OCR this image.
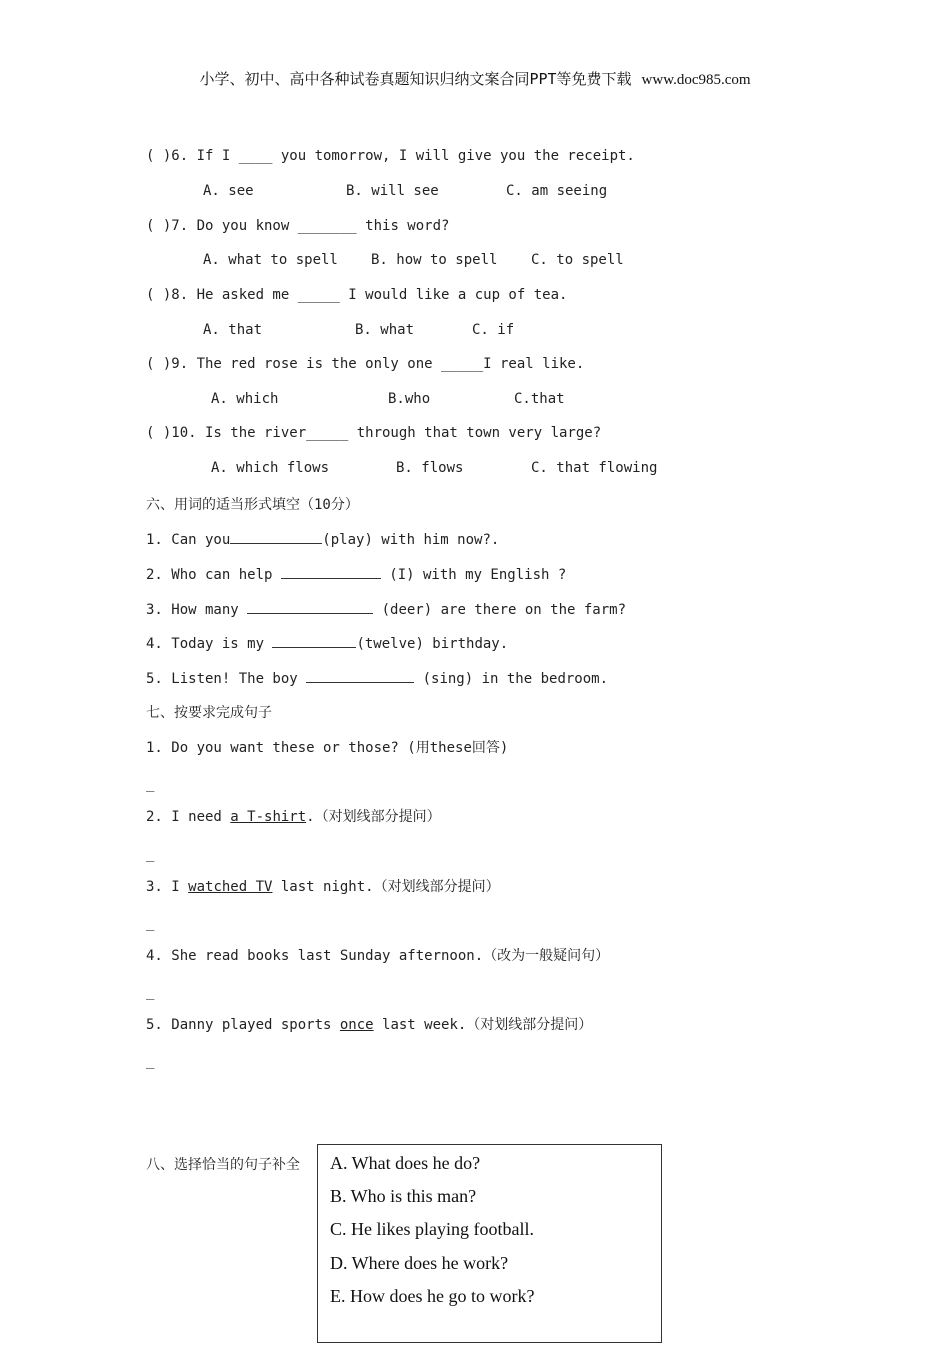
小学、初中、高中各种试卷真题知识归纳文案合同PPT等免费下载 www.doc985.com
( )6. If I ____ you tomorrow, I will give you the receipt.
A. see	B. will see	C. am seeing
( )7. Do you know _______ this word?
A. what to spell B. how to spell C. to spell
( )8. He asked me _____ I would like a cup of tea.
A. that	B. what	C. if
( )9. The red rose is the only one _____I real like.
A. which	B.who	C.that
( )10. Is the river_____ through that town very large?
A. which flows	B. flows	C. that flowing
六、用词的适当形式填空（10分）
1. Can you	(play) with him now?.
2. Who can help	(I) with my English ?
3. How many	(deer) are there on the farm?
4. Today is my	(twelve) birthday.
5. Listen! The boy	(sing) in the bedroom.
七、按要求完成句子
1. Do you want these or those? (用these回答)
_
2. I need a T-shirt.（对划线部分提问）
_
3. I watched TV last night.（对划线部分提问）
_
4. She read books last Sunday afternoon.（改为一般疑问句）
_
5. Danny played sports once last week.（对划线部分提问）
_
八、选择恰当的句子补全 A. What does he do?
B. Who is this man?
C. He likes playing football.
D. Where does he work?
E. How does he go to work?
